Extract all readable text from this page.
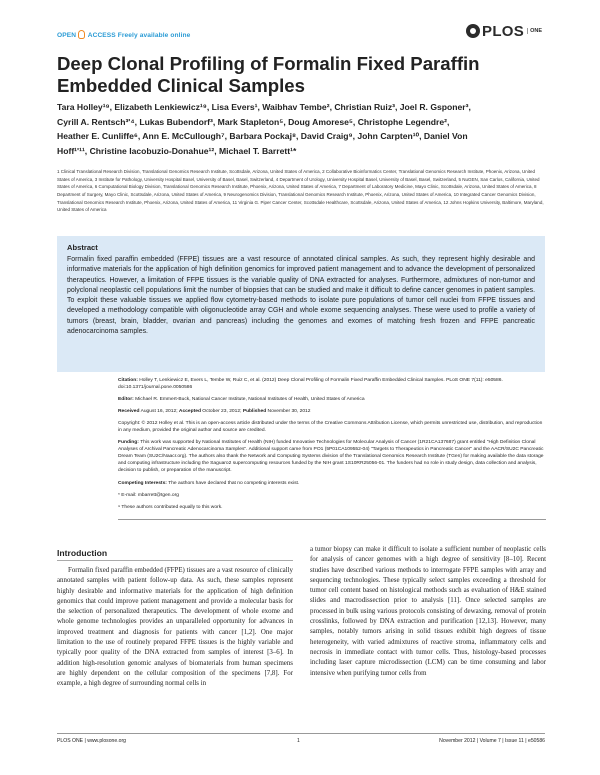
OPEN ACCESS Freely available online	PLOS	ONE
Deep Clonal Profiling of Formalin Fixed Paraffin Embedded Clinical Samples
Tara Holley¹⁹, Elizabeth Lenkiewicz¹⁹, Lisa Evers¹, Waibhav Tembe², Christian Ruiz³, Joel R. Gsponer³,
Cyrill A. Rentsch³'⁴, Lukas Bubendorf³, Mark Stapleton⁵, Doug Amorese⁵, Christophe Legendre²,
Heather E. Cunliffe⁶, Ann E. McCullough⁷, Barbara Pockaj⁸, David Craig⁹, John Carpten¹⁰, Daniel Von
Hoff¹'¹¹, Christine Iacobuzio-Donahue¹², Michael T. Barrett¹*
1 Clinical Translational Research Division, Translational Genomics Research Institute, Scottsdale, Arizona, United States of America, 2 Collaborative Bioinformatics Center, Translational Genomics Research Institute, Phoenix, Arizona, United States of America, 3 Institute for Pathology, University Hospital Basel, University of Basel, Basel, Switzerland, 4 Department of Urology, University Hospital Basel, University of Basel, Basel, Switzerland, 5 NuGEN, San Carlos, California, United States of America, 6 Computational Biology Division, Translational Genomics Research Institute, Phoenix, Arizona, United States of America, 7 Department of Laboratory Medicine, Mayo Clinic, Scottsdale, Arizona, United States of America, 8 Department of Surgery, Mayo Clinic, Scottsdale, Arizona, United States of America, 9 Neurogenomics Division, Translational Genomics Research Institute, Phoenix, Arizona, United States of America, 10 Integrated Cancer Genomics Division, Translational Genomics Research Institute, Phoenix, Arizona, United States of America, 11 Virginia G. Piper Cancer Center, Scottsdale Healthcare, Scottsdale, Arizona, United States of America, 12 Johns Hopkins University, Baltimore, Maryland, United States of America
Abstract
Formalin fixed paraffin embedded (FFPE) tissues are a vast resource of annotated clinical samples. As such, they represent highly desirable and informative materials for the application of high definition genomics for improved patient management and to advance the development of personalized therapeutics. However, a limitation of FFPE tissues is the variable quality of DNA extracted for analyses. Furthermore, admixtures of non-tumor and polyclonal neoplastic cell populations limit the number of biopsies that can be studied and make it difficult to define cancer genomes in patient samples. To exploit these valuable tissues we applied flow cytometry-based methods to isolate pure populations of tumor cell nuclei from FFPE tissues and developed a methodology compatible with oligonucleotide array CGH and whole exome sequencing analyses. These were used to profile a variety of tumors (breast, brain, bladder, ovarian and pancreas) including the genomes and exomes of matching fresh frozen and FFPE pancreatic adenocarcinoma samples.

Citation: Holley T, Lenkiewicz E, Evers L, Tembe W, Ruiz C, et al. (2012) Deep Clonal Profiling of Formalin Fixed Paraffin Embedded Clinical Samples. PLoS ONE 7(11): e50586. doi:10.1371/journal.pone.0050586

Editor: Michael R. Emmert-Buck, National Cancer Institute, National Institutes of Health, United States of America

Received August 16, 2012; Accepted October 23, 2012; Published November 30, 2012

Copyright: © 2012 Holley et al. This is an open-access article distributed under the terms of the Creative Commons Attribution License, which permits unrestricted use, distribution, and reproduction in any medium, provided the original author and source are credited.

Funding: This work was supported by National Institutes of Health (NIH) funded Innovative Technologies for Molecular Analysis of Cancer (1R21CA137687) grant entitled "High Definition Clonal Analyses of Archival Pancreatic Adenocarcinoma Samples". Additional support came from PO1 (5P01CA109552-04) "Targets to Therapeutics in Pancreatic Cancer" and the AACR/SU2C Pancreatic Dream Team (SU2C/Naacr.org). The authors also thank the Network and Computing Systems division of the Translational Genomics Research Institute (TGen) for making available the data storage and computing infrastructure including the Saguaro2 supercomputing resources funded by the NIH grant 1S10RR25056-01. The funders had no role in study design, data collection and analysis, decision to publish, or preparation of the manuscript.

Competing Interests: The authors have declared that no competing interests exist.

* E-mail: mbarrett@tgen.org

⁹ These authors contributed equally to this work.

Introduction

Formalin fixed paraffin embedded (FFPE) tissues are a vast resource of clinically annotated samples with patient follow-up data. As such, these samples represent highly desirable and informative materials for the application of high definition genomics that could improve patient management and provide a molecular basis for the selection of personalized therapeutics. The development of whole exome and whole genome technologies provides an unparalleled opportunity for advances in improved treatment and diagnosis for patients with cancer [1,2]. One major limitation to the use of routinely prepared FFPE tissues is the highly variable and typically poor quality of the DNA extracted from samples of interest [3–6]. In addition high-resolution genomic analyses of biomaterials from human specimens are highly dependent on the cellular composition of the specimens [7,8]. For example, a high degree of surrounding normal cells in

a tumor biopsy can make it difficult to isolate a sufficient number of neoplastic cells for analysis of cancer genomes with a high degree of sensitivity [8–10]. Recent studies have described various methods to interrogate FFPE samples with array and sequencing technologies. These typically select samples exceeding a threshold for tumor cell content based on histological methods such as evaluation of H&E stained slides and macrodissection prior to analysis [11]. Once selected samples are processed in bulk using various protocols consisting of dewaxing, removal of protein crosslinks, followed by DNA extraction and purification [12,13]. However, many samples, notably tumors arising in solid tissues exhibit high degrees of tissue heterogeneity, with varied admixtures of reactive stroma, inflammatory cells and necrosis in immediate contact with tumor cells. Thus, histology-based processes including laser capture microdissection (LCM) can be time consuming and labor intensive when purifying tumor cells from

PLOS ONE | www.plosone.org	1	November 2012 | Volume 7 | Issue 11 | e50586
